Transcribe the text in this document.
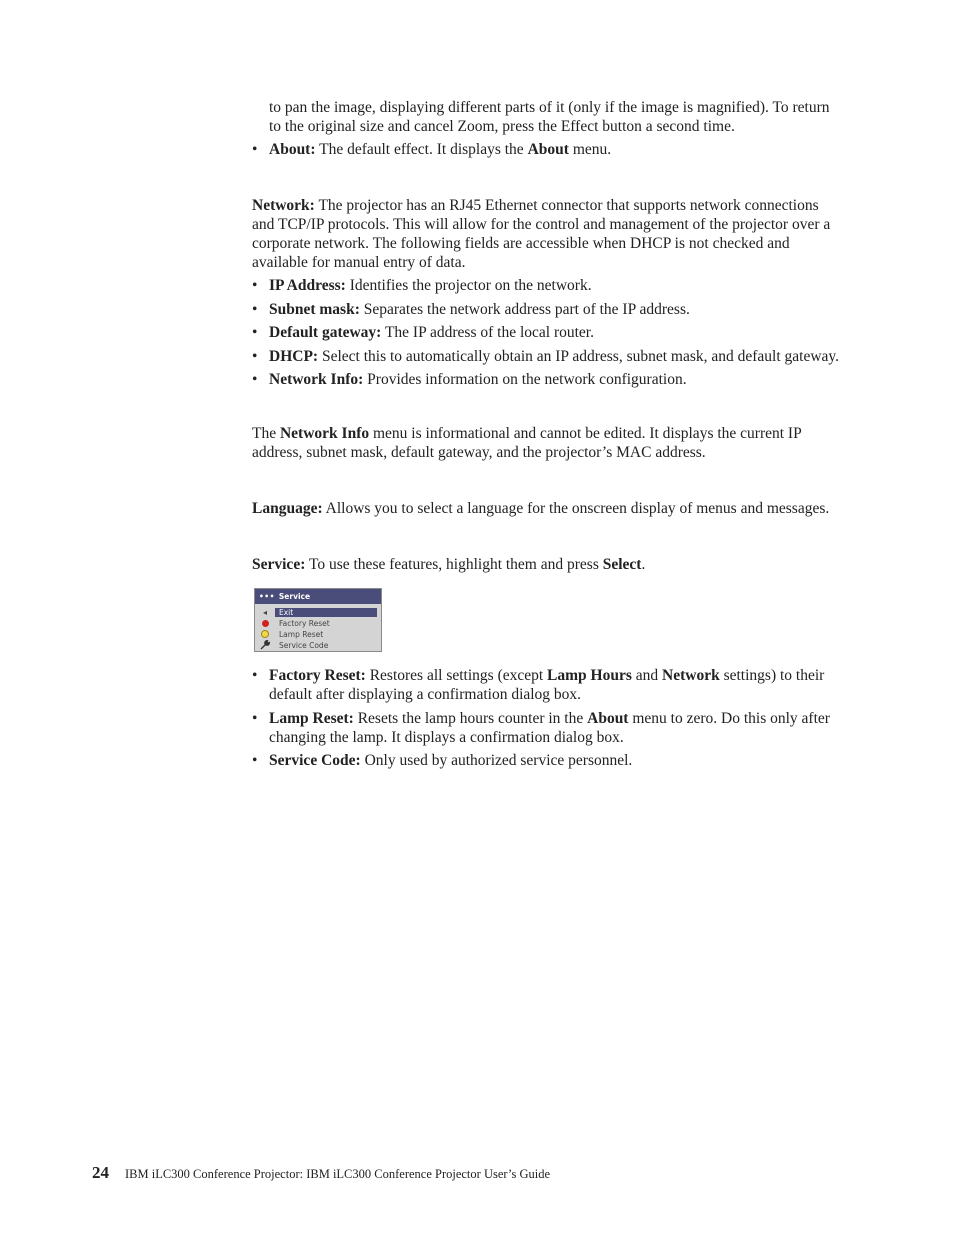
to pan the image, displaying different parts of it (only if the image is magnified). To return to the original size and cancel Zoom, press the Effect button a second time.

• About: The default effect. It displays the About menu.

Network: The projector has an RJ45 Ethernet connector that supports network connections and TCP/IP protocols. This will allow for the control and management of the projector over a corporate network. The following fields are accessible when DHCP is not checked and available for manual entry of data.

• IP Address: Identifies the projector on the network.
• Subnet mask: Separates the network address part of the IP address.
• Default gateway: The IP address of the local router.
• DHCP: Select this to automatically obtain an IP address, subnet mask, and default gateway.
• Network Info: Provides information on the network configuration.

The Network Info menu is informational and cannot be edited. It displays the current IP address, subnet mask, default gateway, and the projector’s MAC address.

Language: Allows you to select a language for the onscreen display of menus and messages.

Service: To use these features, highlight them and press Select.

••• Service
◂	Exit
Factory Reset
Lamp Reset
Service Code
• Factory Reset: Restores all settings (except Lamp Hours and Network settings) to their default after displaying a confirmation dialog box.
• Lamp Reset: Resets the lamp hours counter in the About menu to zero. Do this only after changing the lamp. It displays a confirmation dialog box.
• Service Code: Only used by authorized service personnel.
24 IBM iLC300 Conference Projector: IBM iLC300 Conference Projector User’s Guide
